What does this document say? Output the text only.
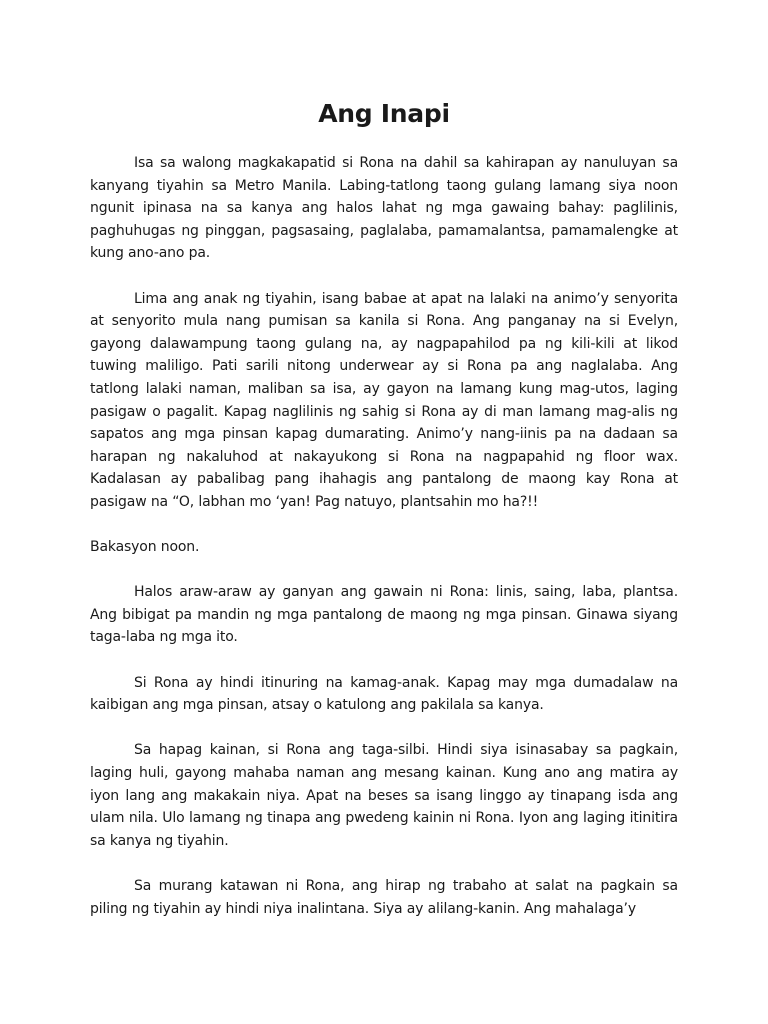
Ang Inapi

Isa sa walong magkakapatid si Rona na dahil sa kahirapan ay nanuluyan sa kanyang tiyahin sa Metro Manila. Labing-tatlong taong gulang lamang siya noon ngunit ipinasa na sa kanya ang halos lahat ng mga gawaing bahay: paglilinis, paghuhugas ng pinggan, pagsasaing, paglalaba, pamamalantsa, pamamalengke at kung ano-ano pa.

Lima ang anak ng tiyahin, isang babae at apat na lalaki na animo’y senyorita at senyorito mula nang pumisan sa kanila si Rona. Ang panganay na si Evelyn, gayong dalawampung taong gulang na, ay nagpapahilod pa ng kili-kili at likod tuwing maliligo. Pati sarili nitong underwear ay si Rona pa ang naglalaba. Ang tatlong lalaki naman, maliban sa isa, ay gayon na lamang kung mag-utos, laging pasigaw o pagalit. Kapag naglilinis ng sahig si Rona ay di man lamang mag-alis ng sapatos ang mga pinsan kapag dumarating. Animo’y nang-iinis pa na dadaan sa harapan ng nakaluhod at nakayukong si Rona na nagpapahid ng floor wax. Kadalasan ay pabalibag pang ihahagis ang pantalong de maong kay Rona at pasigaw na “O, labhan mo ‘yan! Pag natuyo, plantsahin mo ha?!!

Bakasyon noon.

Halos araw-araw ay ganyan ang gawain ni Rona: linis, saing, laba, plantsa. Ang bibigat pa mandin ng mga pantalong de maong ng mga pinsan. Ginawa siyang taga-laba ng mga ito.

Si Rona ay hindi itinuring na kamag-anak. Kapag may mga dumadalaw na kaibigan ang mga pinsan, atsay o katulong ang pakilala sa kanya.

Sa hapag kainan, si Rona ang taga-silbi. Hindi siya isinasabay sa pagkain, laging huli, gayong mahaba naman ang mesang kainan. Kung ano ang matira ay iyon lang ang makakain niya. Apat na beses sa isang linggo ay tinapang isda ang ulam nila. Ulo lamang ng tinapa ang pwedeng kainin ni Rona. Iyon ang laging itinitira sa kanya ng tiyahin.

Sa murang katawan ni Rona, ang hirap ng trabaho at salat na pagkain sa piling ng tiyahin ay hindi niya inalintana. Siya ay alilang-kanin. Ang mahalaga’y
